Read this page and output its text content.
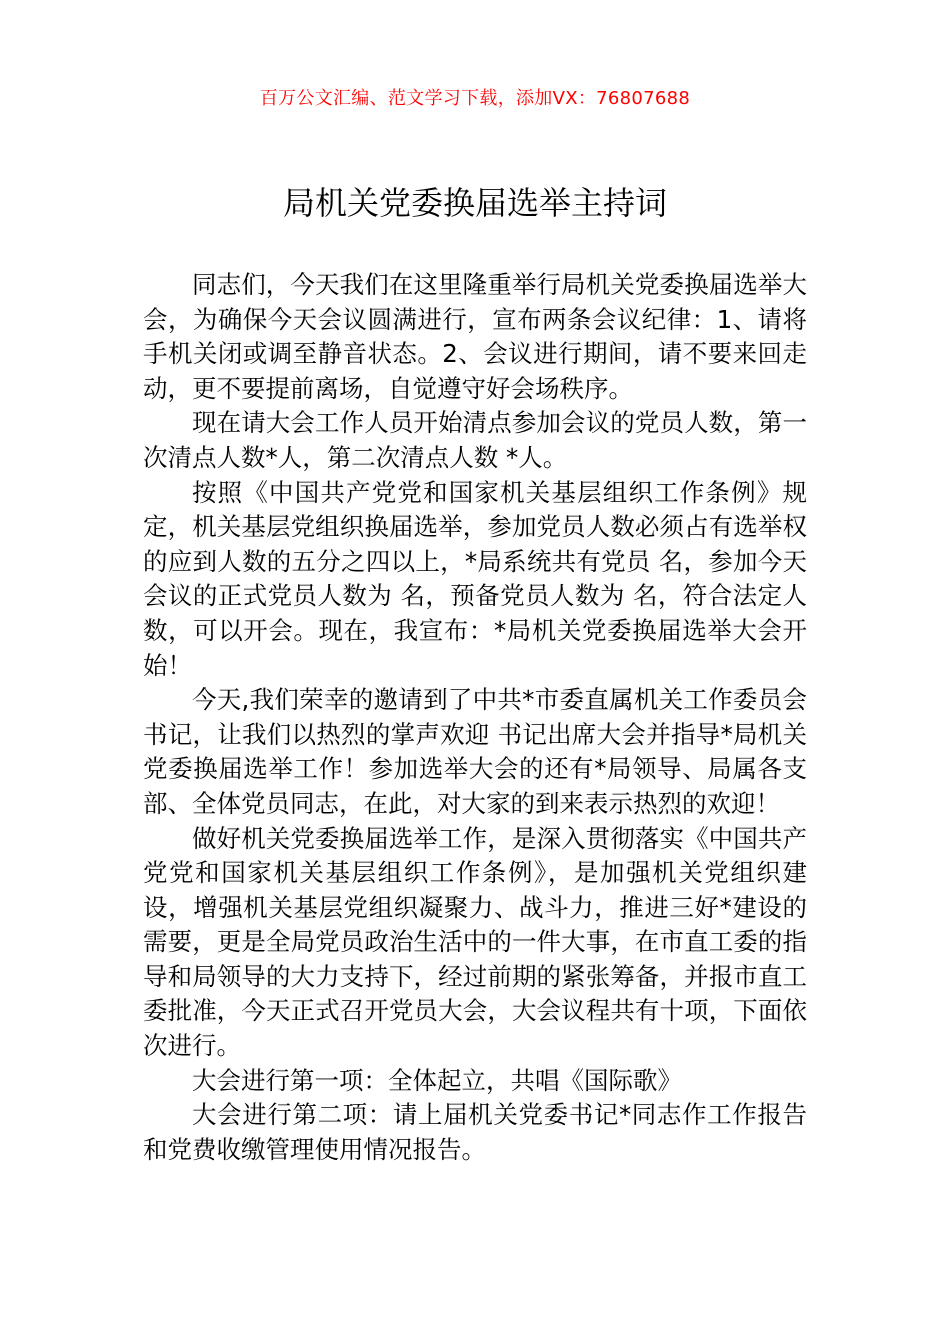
百万公文汇编、范文学习下载，添加VX：76807688
局机关党委换届选举主持词

同志们，今天我们在这里隆重举行局机关党委换届选举大会，为确保今天会议圆满进行，宣布两条会议纪律：1、请将手机关闭或调至静音状态。2、会议进行期间，请不要来回走动，更不要提前离场，自觉遵守好会场秩序。

现在请大会工作人员开始清点参加会议的党员人数，第一次清点人数*人，第二次清点人数 *人。

按照《中国共产党党和国家机关基层组织工作条例》规定，机关基层党组织换届选举，参加党员人数必须占有选举权的应到人数的五分之四以上，*局系统共有党员 名，参加今天会议的正式党员人数为 名，预备党员人数为 名，符合法定人数，可以开会。现在，我宣布：*局机关党委换届选举大会开始！

今天,我们荣幸的邀请到了中共*市委直属机关工作委员会 书记，让我们以热烈的掌声欢迎 书记出席大会并指导*局机关党委换届选举工作！参加选举大会的还有*局领导、局属各支部、全体党员同志，在此，对大家的到来表示热烈的欢迎！

做好机关党委换届选举工作，是深入贯彻落实《中国共产党党和国家机关基层组织工作条例》，是加强机关党组织建设，增强机关基层党组织凝聚力、战斗力，推进三好*建设的需要，更是全局党员政治生活中的一件大事，在市直工委的指导和局领导的大力支持下，经过前期的紧张筹备，并报市直工委批准，今天正式召开党员大会，大会议程共有十项，下面依次进行。

大会进行第一项：全体起立，共唱《国际歌》

大会进行第二项：请上届机关党委书记*同志作工作报告和党费收缴管理使用情况报告。
